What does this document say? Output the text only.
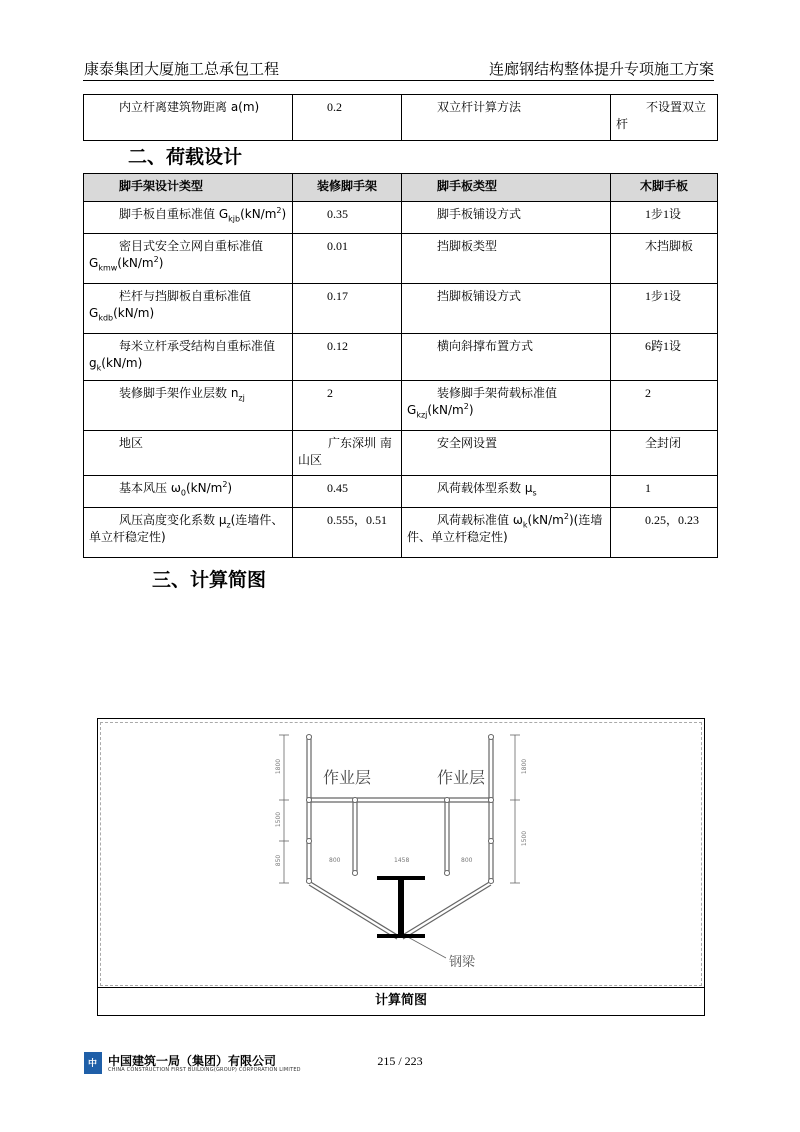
康泰集团大厦施工总承包工程	连廊钢结构整体提升专项施工方案
内立杆离建筑物距离 a(m)	0.2	双立杆计算方法	不设置双立杆
二、荷载设计
脚手架设计类型	装修脚手架	脚手板类型	木脚手板
脚手板自重标准值 $G_{kjb}(kN/m^2)$	0.35	脚手板铺设方式	1步1设
密目式安全立网自重标准值 $G_{kmw}(kN/m^2)$	0.01	挡脚板类型	木挡脚板
栏杆与挡脚板自重标准值 $G_{kdb}(kN/m)$	0.17	挡脚板铺设方式	1步1设
每米立杆承受结构自重标准值 $g_k(kN/m)$	0.12	横向斜撑布置方式	6跨1设
装修脚手架作业层数 $n_{zj}$	2	装修脚手架荷载标准值 $G_{kzj}(kN/m^2)$	2
地区	广东深圳 南山区	安全网设置	全封闭
基本风压 $\omega_0(kN/m^2)$	0.45	风荷载体型系数 $\mu_s$	1
风压高度变化系数 $\mu_z$(连墙件、单立杆稳定性)	0.555，0.51	风荷载标准值 $\omega_k(kN/m^2)$(连墙件、单立杆稳定性)	0.25，0.23
三、计算简图
作业层	作业层
钢梁
1800
1500
850
1800
1500
800	1458	800
计算简图
中 中国建筑一局（集团）有限公司
CHINA CONSTRUCTION FIRST BUILDING(GROUP) CORPORATION LIMITED
215 / 223
